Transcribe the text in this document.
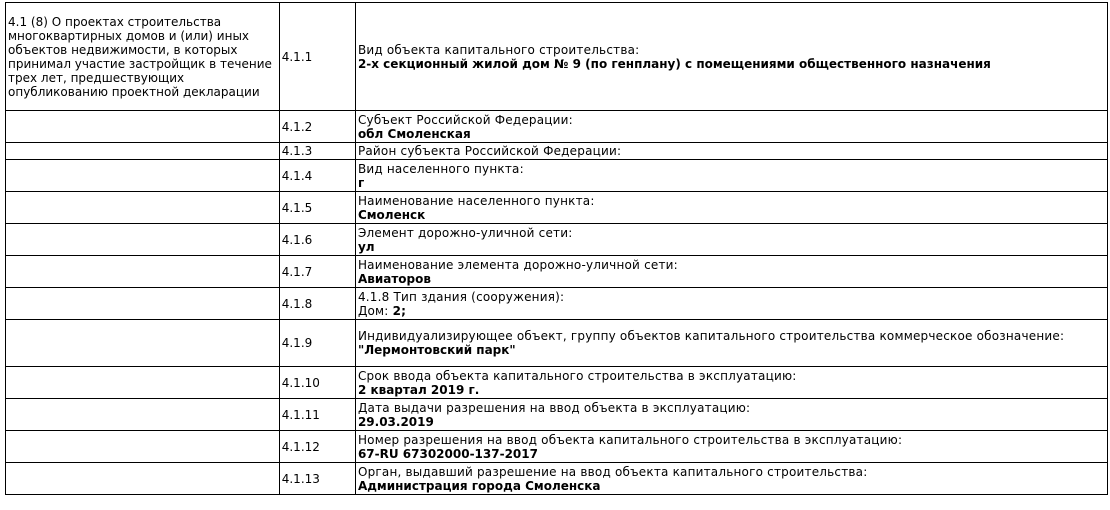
4.1 (8) О проектах строительства многоквартирных домов и (или) иных объектов недвижимости, в которых принимал участие застройщик в течение трех лет, предшествующих опубликованию проектной декларации	4.1.1	Вид объекта капитального строительства:
2-х секционный жилой дом № 9 (по генплану) с помещениями общественного назначения

	4.1.2	Субъект Российской Федерации:
обл Смоленская

	4.1.3	Район субъекта Российской Федерации:

	4.1.4	Вид населенного пункта:
г

	4.1.5	Наименование населенного пункта:
Смоленск

	4.1.6	Элемент дорожно-уличной сети:
ул

	4.1.7	Наименование элемента дорожно-уличной сети:
Авиаторов

	4.1.8	4.1.8 Тип здания (сооружения):
Дом: 2;

	4.1.9	Индивидуализирующее объект, группу объектов капитального строительства коммерческое обозначение:
"Лермонтовский парк"

	4.1.10	Срок ввода объекта капитального строительства в эксплуатацию:
2 квартал 2019 г.

	4.1.11	Дата выдачи разрешения на ввод объекта в эксплуатацию:
29.03.2019

	4.1.12	Номер разрешения на ввод объекта капитального строительства в эксплуатацию:
67-RU 67302000-137-2017

	4.1.13	Орган, выдавший разрешение на ввод объекта капитального строительства:
Администрация города Смоленска
